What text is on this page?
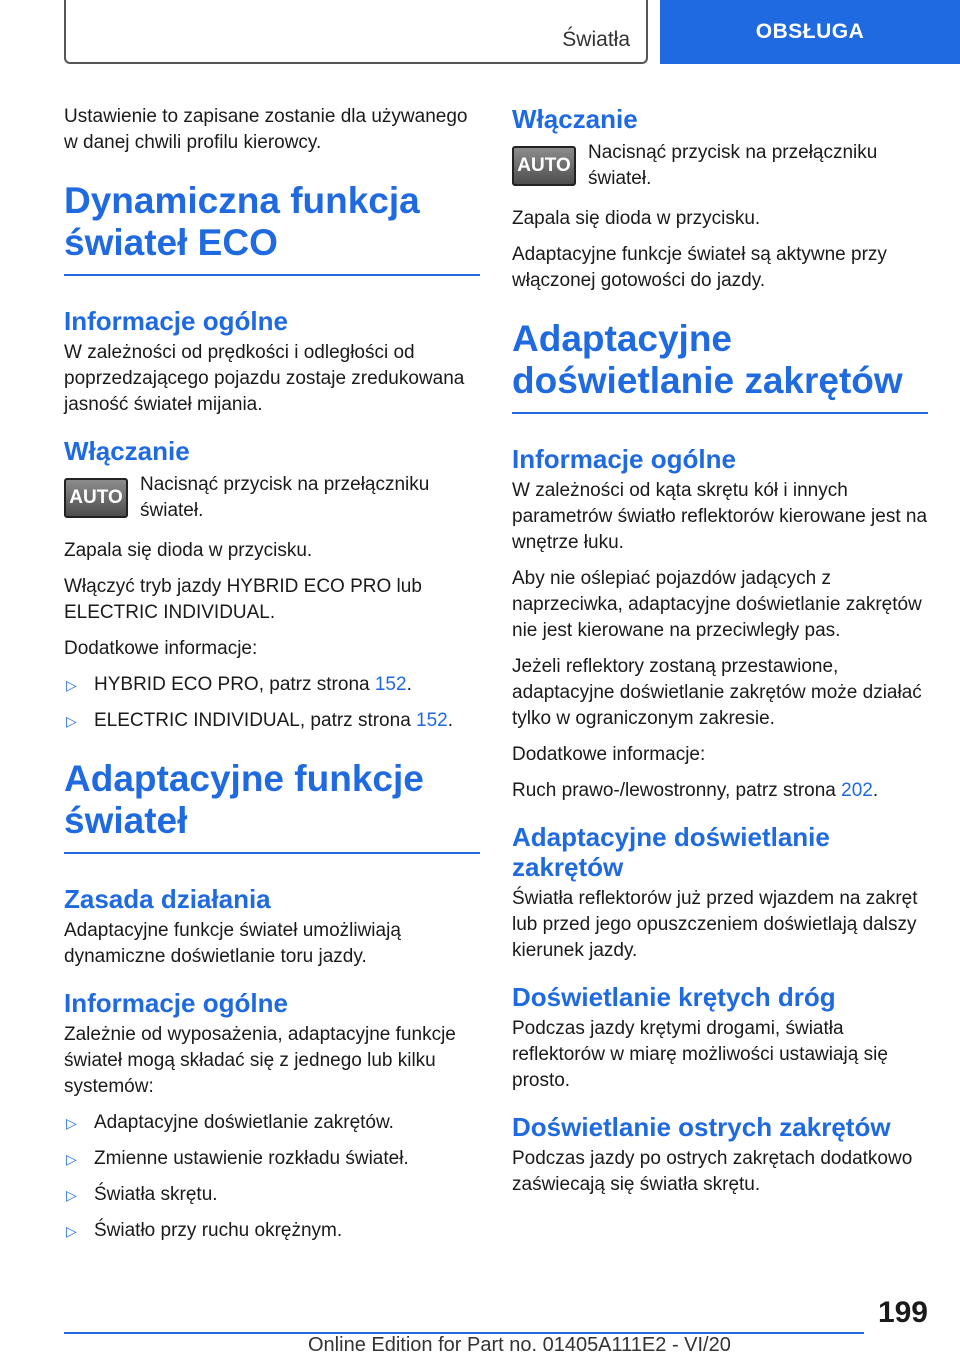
Światła	OBSŁUGA

Ustawienie to zapisane zostanie dla używanego w danej chwili profilu kierowcy.

Dynamiczna funkcja świateł ECO
Informacje ogólne

W zależności od prędkości i odległości od poprzedzającego pojazdu zostaje zredukowana jasność świateł mijania.

Włączanie
AUTO

Nacisnąć przycisk na przełączniku świateł.

Zapala się dioda w przycisku.

Włączyć tryb jazdy HYBRID ECO PRO lub ELECTRIC INDIVIDUAL.

Dodatkowe informacje:

▷ HYBRID ECO PRO, patrz strona 152.
▷ ELECTRIC INDIVIDUAL, patrz strona 152.
Adaptacyjne funkcje świateł
Zasada działania

Adaptacyjne funkcje świateł umożliwiają dynamiczne doświetlanie toru jazdy.

Informacje ogólne

Zależnie od wyposażenia, adaptacyjne funkcje świateł mogą składać się z jednego lub kilku systemów:

▷ Adaptacyjne doświetlanie zakrętów.
▷ Zmienne ustawienie rozkładu świateł.
▷ Światła skrętu.
▷ Światło przy ruchu okrężnym.
Włączanie
AUTO

Nacisnąć przycisk na przełączniku świateł.

Zapala się dioda w przycisku.

Adaptacyjne funkcje świateł są aktywne przy włączonej gotowości do jazdy.

Adaptacyjne doświetlanie zakrętów
Informacje ogólne

W zależności od kąta skrętu kół i innych parametrów światło reflektorów kierowane jest na wnętrze łuku.

Aby nie oślepiać pojazdów jadących z naprzeciwka, adaptacyjne doświetlanie zakrętów nie jest kierowane na przeciwległy pas.

Jeżeli reflektory zostaną przestawione, adaptacyjne doświetlanie zakrętów może działać tylko w ograniczonym zakresie.

Dodatkowe informacje:

Ruch prawo-/lewostronny, patrz strona 202.

Adaptacyjne doświetlanie zakrętów

Światła reflektorów już przed wjazdem na zakręt lub przed jego opuszczeniem doświetlają dalszy kierunek jazdy.

Doświetlanie krętych dróg

Podczas jazdy krętymi drogami, światła reflektorów w miarę możliwości ustawiają się prosto.

Doświetlanie ostrych zakrętów

Podczas jazdy po ostrych zakrętach dodatkowo zaświecają się światła skrętu.

199
Online Edition for Part no. 01405A111E2 - VI/20
